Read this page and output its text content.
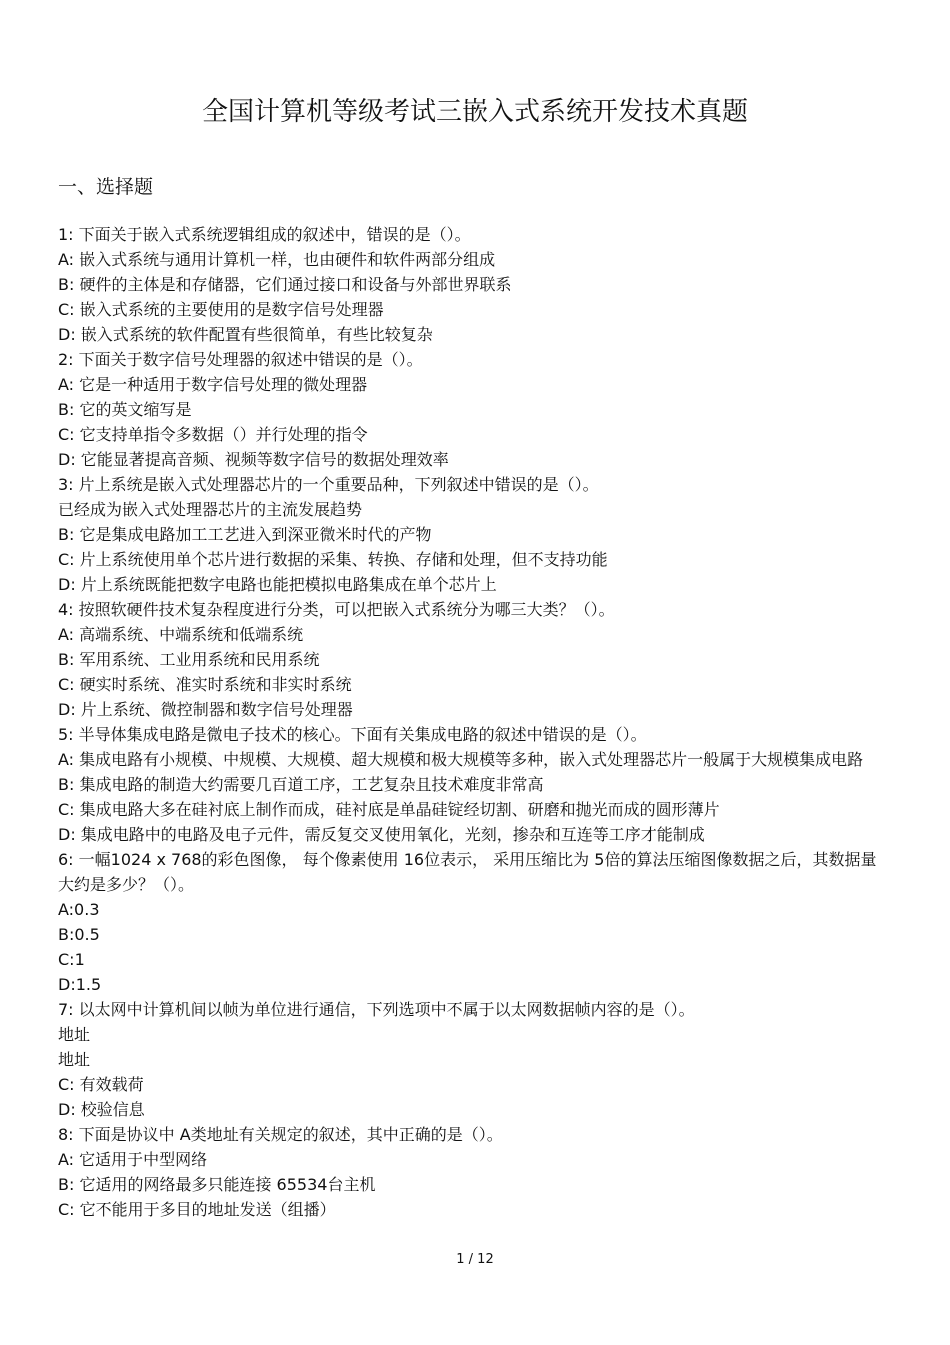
全国计算机等级考试三嵌入式系统开发技术真题
一、选择题
1: 下面关于嵌入式系统逻辑组成的叙述中，错误的是（）。
A: 嵌入式系统与通用计算机一样，也由硬件和软件两部分组成
B: 硬件的主体是和存储器，它们通过接口和设备与外部世界联系
C: 嵌入式系统的主要使用的是数字信号处理器
D: 嵌入式系统的软件配置有些很简单，有些比较复杂
2: 下面关于数字信号处理器的叙述中错误的是（）。
A: 它是一种适用于数字信号处理的微处理器
B: 它的英文缩写是
C: 它支持单指令多数据（）并行处理的指令
D: 它能显著提高音频、视频等数字信号的数据处理效率
3: 片上系统是嵌入式处理器芯片的一个重要品种，下列叙述中错误的是（）。
已经成为嵌入式处理器芯片的主流发展趋势
B: 它是集成电路加工工艺进入到深亚微米时代的产物
C: 片上系统使用单个芯片进行数据的采集、转换、存储和处理，但不支持功能
D: 片上系统既能把数字电路也能把模拟电路集成在单个芯片上
4: 按照软硬件技术复杂程度进行分类，可以把嵌入式系统分为哪三大类？（）。
A: 高端系统、中端系统和低端系统
B: 军用系统、工业用系统和民用系统
C: 硬实时系统、准实时系统和非实时系统
D: 片上系统、微控制器和数字信号处理器
5: 半导体集成电路是微电子技术的核心。下面有关集成电路的叙述中错误的是（）。
A: 集成电路有小规模、中规模、大规模、超大规模和极大规模等多种，嵌入式处理器芯片一般属于大规模集成电路
B: 集成电路的制造大约需要几百道工序，工艺复杂且技术难度非常高
C: 集成电路大多在硅衬底上制作而成，硅衬底是单晶硅锭经切割、研磨和抛光而成的圆形薄片
D: 集成电路中的电路及电子元件，需反复交叉使用氧化，光刻，掺杂和互连等工序才能制成
6: 一幅1024 x 768的彩色图像， 每个像素使用 16位表示， 采用压缩比为 5倍的算法压缩图像数据之后，其数据量大约是多少？（）。
A:0.3
B:0.5
C:1
D:1.5
7: 以太网中计算机间以帧为单位进行通信，下列选项中不属于以太网数据帧内容的是（）。
地址
地址
C: 有效载荷
D: 校验信息
8: 下面是协议中 A类地址有关规定的叙述，其中正确的是（）。
A: 它适用于中型网络
B: 它适用的网络最多只能连接 65534台主机
C: 它不能用于多目的地址发送（组播）
1 / 12
